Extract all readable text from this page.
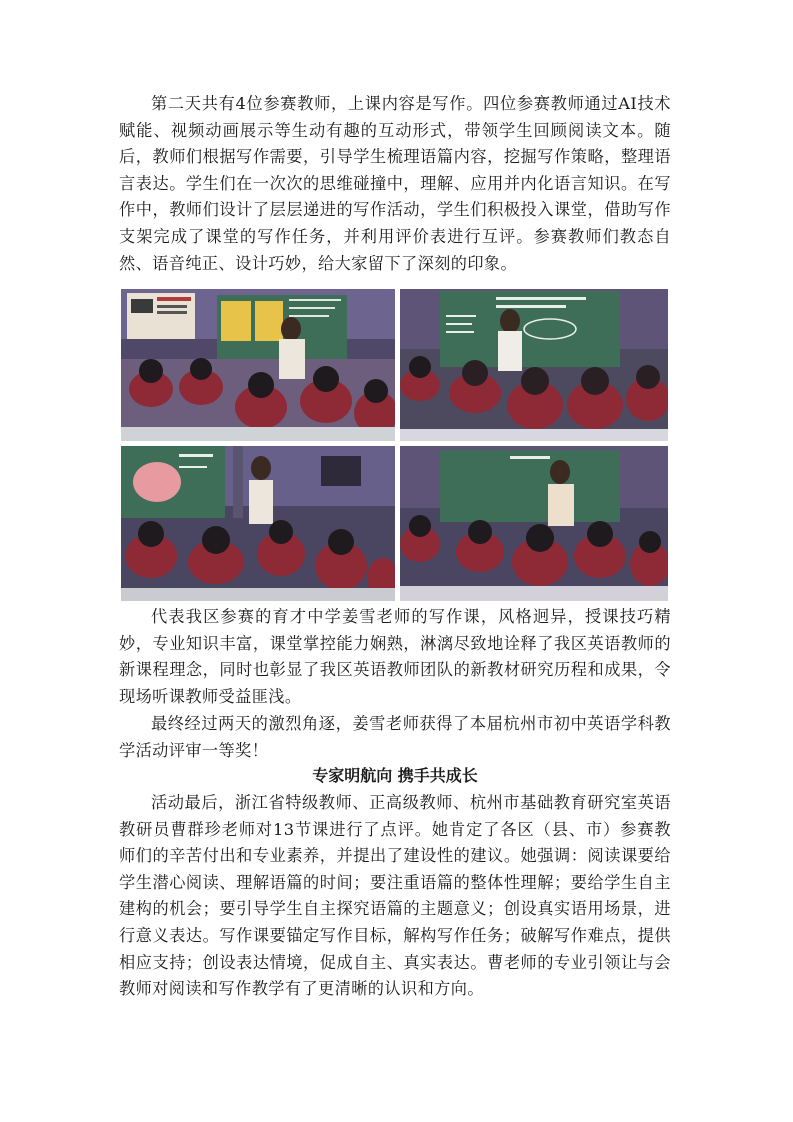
第二天共有4位参赛教师，上课内容是写作。四位参赛教师通过AI技术赋能、视频动画展示等生动有趣的互动形式，带领学生回顾阅读文本。随后，教师们根据写作需要，引导学生梳理语篇内容，挖掘写作策略，整理语言表达。学生们在一次次的思维碰撞中，理解、应用并内化语言知识。在写作中，教师们设计了层层递进的写作活动，学生们积极投入课堂，借助写作支架完成了课堂的写作任务，并利用评价表进行互评。参赛教师们教态自然、语音纯正、设计巧妙，给大家留下了深刻的印象。

代表我区参赛的育才中学姜雪老师的写作课，风格迥异，授课技巧精妙，专业知识丰富，课堂掌控能力娴熟，淋漓尽致地诠释了我区英语教师的新课程理念，同时也彰显了我区英语教师团队的新教材研究历程和成果，令现场听课教师受益匪浅。

最终经过两天的激烈角逐，姜雪老师获得了本届杭州市初中英语学科教学活动评审一等奖！

专家明航向 携手共成长

活动最后，浙江省特级教师、正高级教师、杭州市基础教育研究室英语教研员曹群珍老师对13节课进行了点评。她肯定了各区（县、市）参赛教师们的辛苦付出和专业素养，并提出了建设性的建议。她强调：阅读课要给学生潜心阅读、理解语篇的时间；要注重语篇的整体性理解；要给学生自主建构的机会；要引导学生自主探究语篇的主题意义；创设真实语用场景，进行意义表达。写作课要锚定写作目标，解构写作任务；破解写作难点，提供相应支持；创设表达情境，促成自主、真实表达。曹老师的专业引领让与会教师对阅读和写作教学有了更清晰的认识和方向。
